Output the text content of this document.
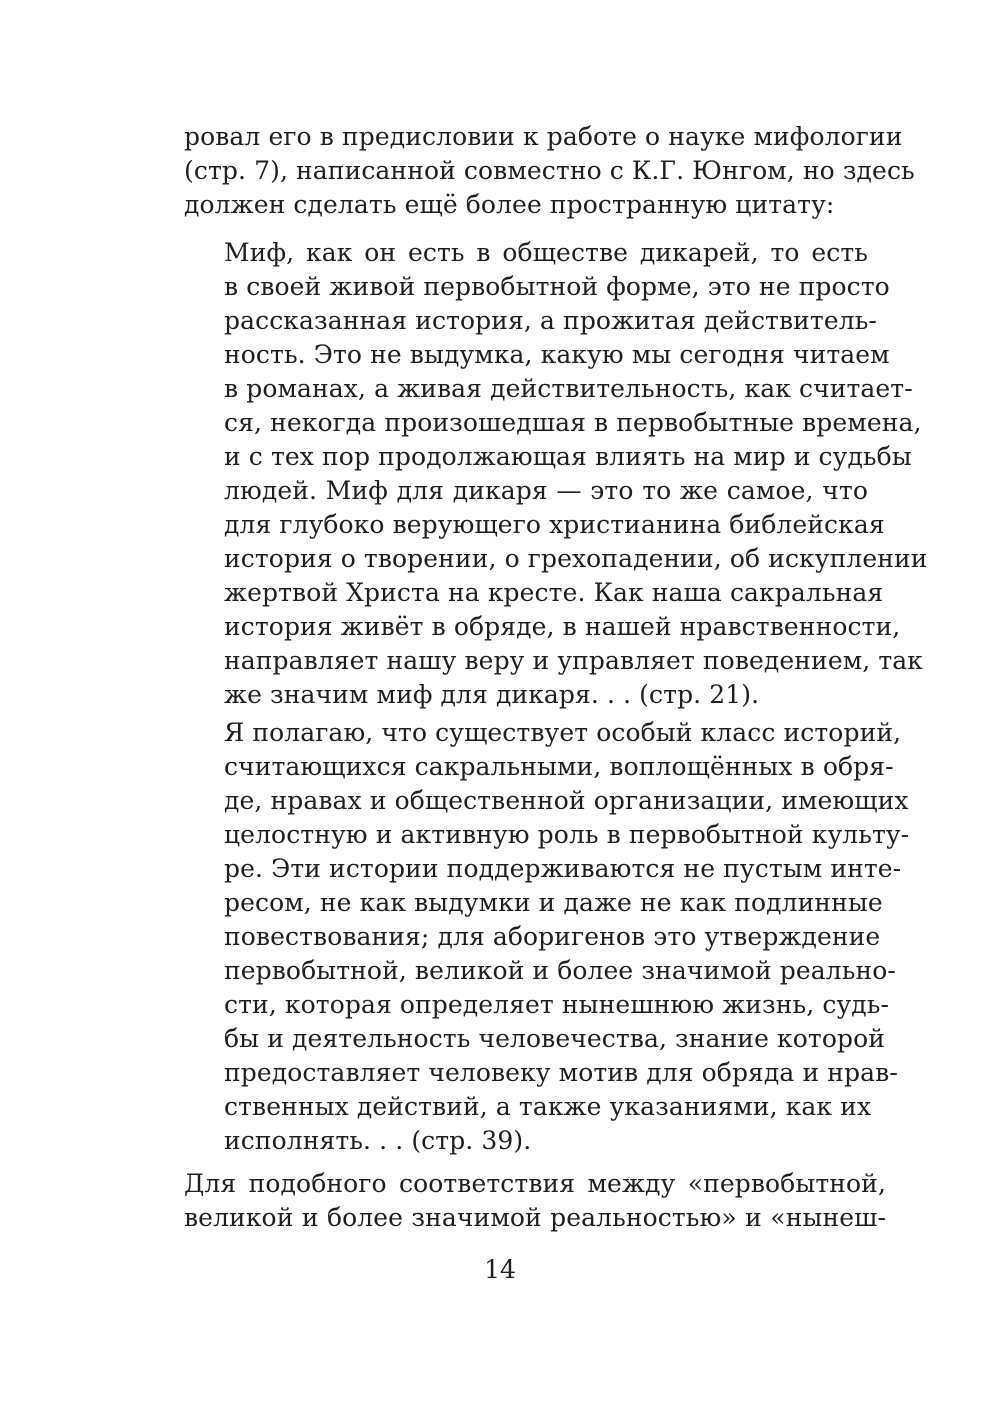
ровал его в предисловии к работе о науке мифологии
(стр. 7), написанной совместно с К.Г. Юнгом, но здесь
должен сделать ещё более пространную цитату:
Миф, как он есть в обществе дикарей, то есть
в своей живой первобытной форме, это не просто
рассказанная история, а прожитая действитель-
ность. Это не выдумка, какую мы сегодня читаем
в романах, а живая действительность, как считает-
ся, некогда произошедшая в первобытные времена,
и с тех пор продолжающая влиять на мир и судьбы
людей. Миф для дикаря — это то же самое, что
для глубоко верующего христианина библейская
история о творении, о грехопадении, об искуплении
жертвой Христа на кресте. Как наша сакральная
история живёт в обряде, в нашей нравственности,
направляет нашу веру и управляет поведением, так
же значим миф для дикаря. . . (стр. 21).
Я полагаю, что существует особый класс историй,
считающихся сакральными, воплощённых в обря-
де, нравах и общественной организации, имеющих
целостную и активную роль в первобытной культу-
ре. Эти истории поддерживаются не пустым инте-
ресом, не как выдумки и даже не как подлинные
повествования; для аборигенов это утверждение
первобытной, великой и более значимой реально-
сти, которая определяет нынешнюю жизнь, судь-
бы и деятельность человечества, знание которой
предоставляет человеку мотив для обряда и нрав-
ственных действий, а также указаниями, как их
исполнять. . . (стр. 39).
Для подобного соответствия между «первобытной,
великой и более значимой реальностью» и «нынеш-
14
